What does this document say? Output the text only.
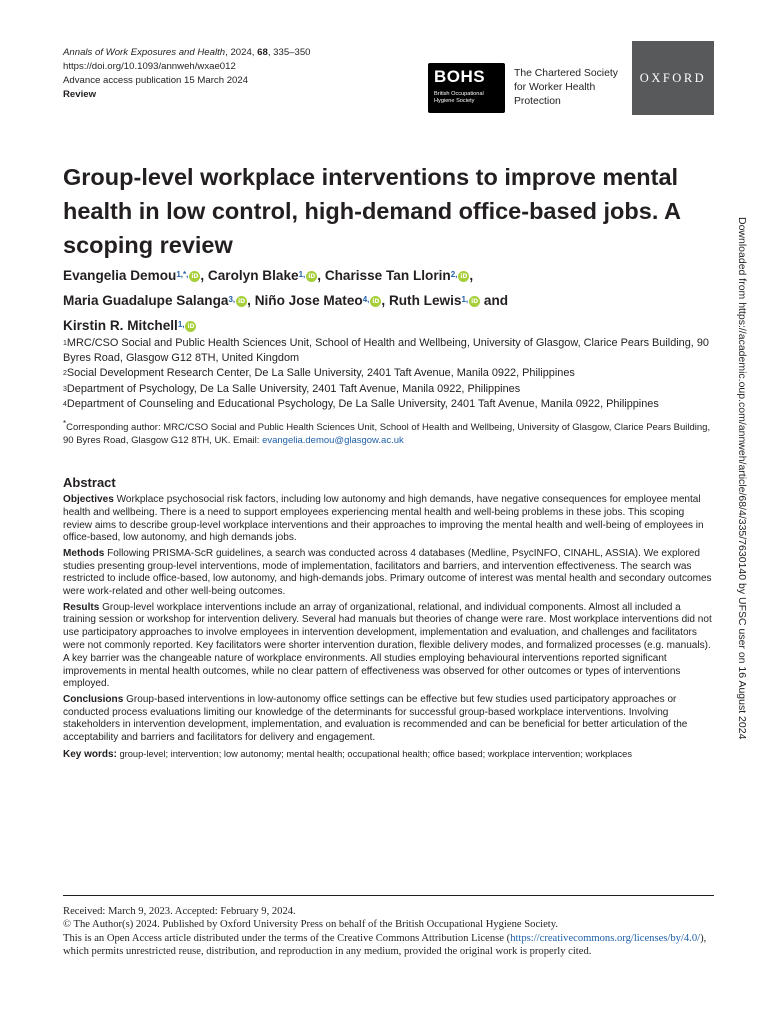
Annals of Work Exposures and Health, 2024, 68, 335–350
https://doi.org/10.1093/annweh/wxae012
Advance access publication 15 March 2024
Review
BOHS
British Occupational Hygiene Society
The Chartered Society for Worker Health Protection
OXFORD
Group-level workplace interventions to improve mental health in low control, high-demand office-based jobs. A scoping review
Evangelia Demou$^{1,*,}$ iD , Carolyn Blake$^{1,}$ iD , Charisse Tan Llorin$^{2,}$ iD ,
Maria Guadalupe Salanga$^{3,}$ iD , Niño Jose Mateo$^{4,}$ iD , Ruth Lewis$^{1,}$ iD and
Kirstin R. Mitchell$^{1,}$ iD
$^1$MRC/CSO Social and Public Health Sciences Unit, School of Health and Wellbeing, University of Glasgow, Clarice Pears Building, 90 Byres Road, Glasgow G12 8TH, United Kingdom
$^2$Social Development Research Center, De La Salle University, 2401 Taft Avenue, Manila 0922, Philippines
$^3$Department of Psychology, De La Salle University, 2401 Taft Avenue, Manila 0922, Philippines
$^4$Department of Counseling and Educational Psychology, De La Salle University, 2401 Taft Avenue, Manila 0922, Philippines
*Corresponding author: MRC/CSO Social and Public Health Sciences Unit, School of Health and Wellbeing, University of Glasgow, Clarice Pears Building, 90 Byres Road, Glasgow G12 8TH, UK. Email: evangelia.demou@glasgow.ac.uk
Abstract

Objectives Workplace psychosocial risk factors, including low autonomy and high demands, have negative consequences for employee mental health and wellbeing. There is a need to support employees experiencing mental health and well-being problems in these jobs. This scoping review aims to describe group-level workplace interventions and their approaches to improving the mental health and well-being of employees in office-based, low autonomy, and high demands jobs.

Methods Following PRISMA-ScR guidelines, a search was conducted across 4 databases (Medline, PsycINFO, CINAHL, ASSIA). We explored studies presenting group-level interventions, mode of implementation, facilitators and barriers, and intervention effectiveness. The search was restricted to include office-based, low autonomy, and high-demands jobs. Primary outcome of interest was mental health and secondary outcomes were work-related and other well-being outcomes.

Results Group-level workplace interventions include an array of organizational, relational, and individual components. Almost all included a training session or workshop for intervention delivery. Several had manuals but theories of change were rare. Most workplace interventions did not use participatory approaches to involve employees in intervention development, implementation and evaluation, and challenges and facilitators were not commonly reported. Key facilitators were shorter intervention duration, flexible delivery modes, and formalized processes (e.g. manuals). A key barrier was the changeable nature of workplace environments. All studies employing behavioural interventions reported significant improvements in mental health outcomes, while no clear pattern of effectiveness was observed for other outcomes or types of interventions employed.

Conclusions Group-based interventions in low-autonomy office settings can be effective but few studies used participatory approaches or conducted process evaluations limiting our knowledge of the determinants for successful group-based workplace interventions. Involving stakeholders in intervention development, implementation, and evaluation is recommended and can be beneficial for better articulation of the acceptability and barriers and facilitators for delivery and engagement.

Key words: group-level; intervention; low autonomy; mental health; occupational health; office based; workplace intervention; workplaces

Downloaded from https://academic.oup.com/annweh/article/68/4/335/7630140 by UFSC user on 16 August 2024
Received: March 9, 2023. Accepted: February 9, 2024.
© The Author(s) 2024. Published by Oxford University Press on behalf of the British Occupational Hygiene Society.
This is an Open Access article distributed under the terms of the Creative Commons Attribution License (https://creativecommons.org/licenses/by/4.0/), which permits unrestricted reuse, distribution, and reproduction in any medium, provided the original work is properly cited.
